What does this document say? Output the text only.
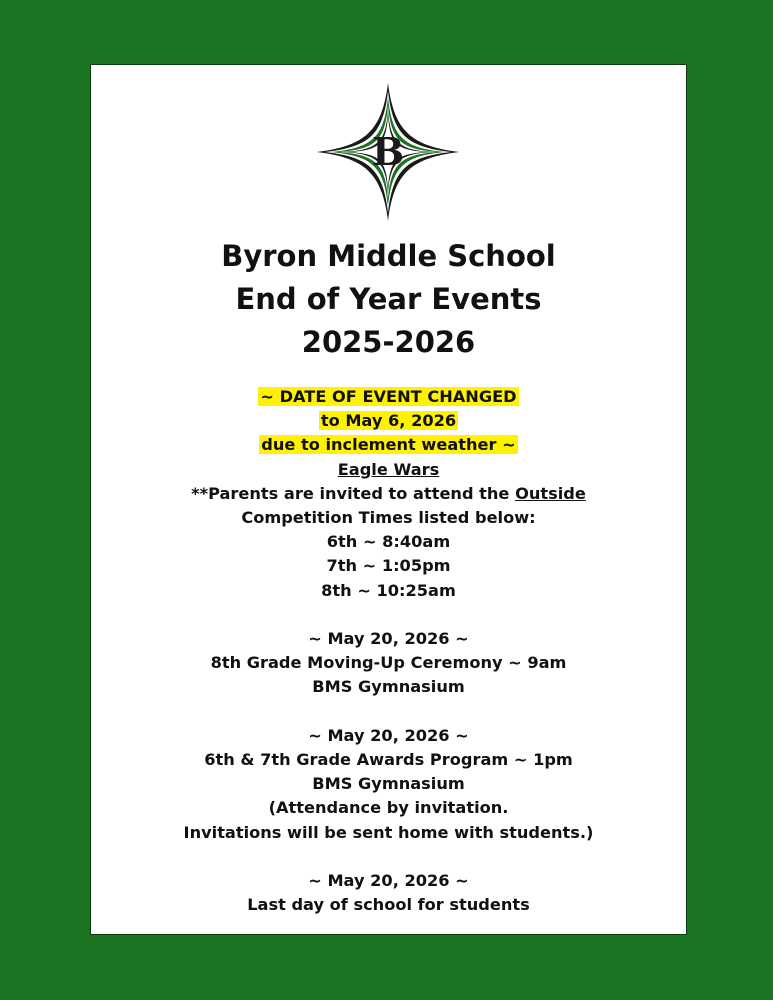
B
Byron Middle School
End of Year Events
2025-2026
~ DATE OF EVENT CHANGED
to May 6, 2026
due to inclement weather ~
Eagle Wars
**Parents are invited to attend the Outside
Competition Times listed below:
6th ~ 8:40am
7th ~ 1:05pm
8th ~ 10:25am
~ May 20, 2026 ~
8th Grade Moving-Up Ceremony ~ 9am
BMS Gymnasium
~ May 20, 2026 ~
6th & 7th Grade Awards Program ~ 1pm
BMS Gymnasium
(Attendance by invitation.
Invitations will be sent home with students.)
~ May 20, 2026 ~
Last day of school for students
